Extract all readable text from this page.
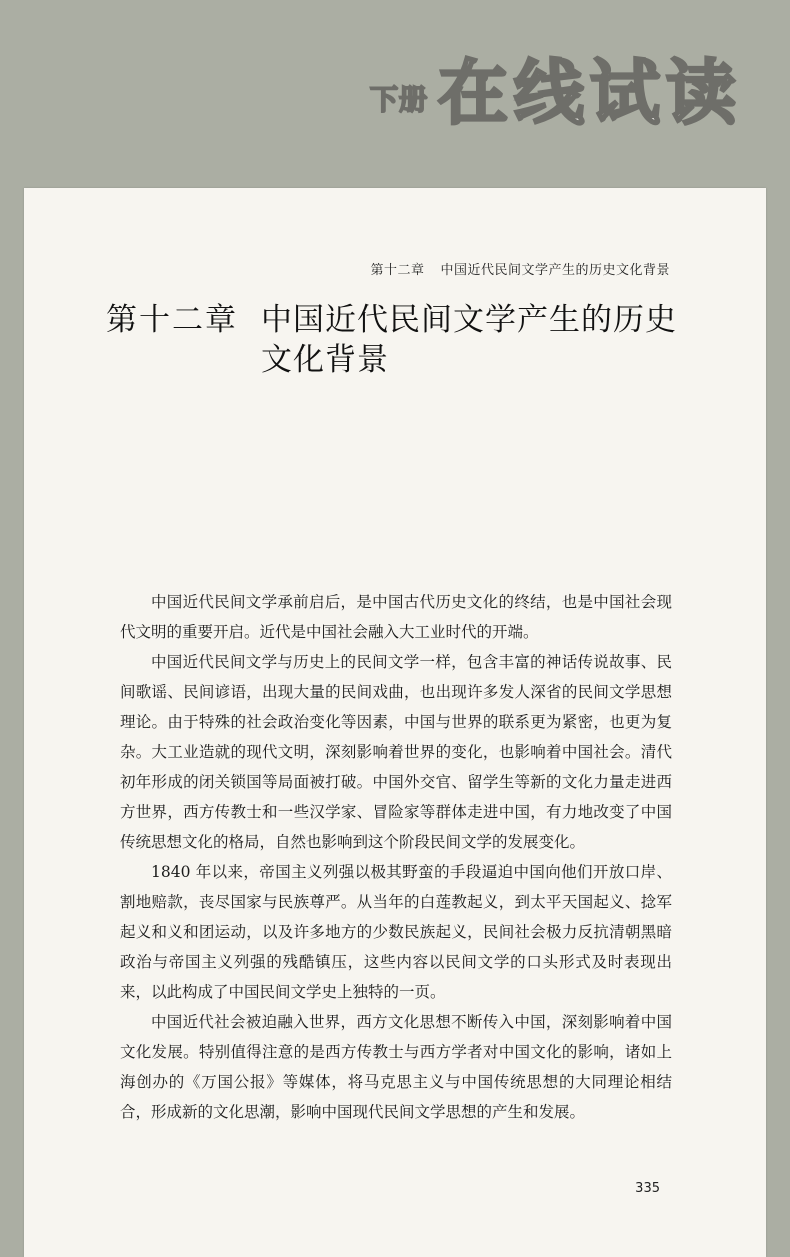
下册 在线试读
第十二章 中国近代民间文学产生的历史文化背景
第十二章 中国近代民间文学产生的历史文化背景

中国近代民间文学承前启后，是中国古代历史文化的终结，也是中国社会现代文明的重要开启。近代是中国社会融入大工业时代的开端。

中国近代民间文学与历史上的民间文学一样，包含丰富的神话传说故事、民间歌谣、民间谚语，出现大量的民间戏曲，也出现许多发人深省的民间文学思想理论。由于特殊的社会政治变化等因素，中国与世界的联系更为紧密，也更为复杂。大工业造就的现代文明，深刻影响着世界的变化，也影响着中国社会。清代初年形成的闭关锁国等局面被打破。中国外交官、留学生等新的文化力量走进西方世界，西方传教士和一些汉学家、冒险家等群体走进中国，有力地改变了中国传统思想文化的格局，自然也影响到这个阶段民间文学的发展变化。

1840 年以来，帝国主义列强以极其野蛮的手段逼迫中国向他们开放口岸、割地赔款，丧尽国家与民族尊严。从当年的白莲教起义，到太平天国起义、捻军起义和义和团运动，以及许多地方的少数民族起义，民间社会极力反抗清朝黑暗政治与帝国主义列强的残酷镇压，这些内容以民间文学的口头形式及时表现出来，以此构成了中国民间文学史上独特的一页。

中国近代社会被迫融入世界，西方文化思想不断传入中国，深刻影响着中国文化发展。特别值得注意的是西方传教士与西方学者对中国文化的影响，诸如上海创办的《万国公报》等媒体，将马克思主义与中国传统思想的大同理论相结合，形成新的文化思潮，影响中国现代民间文学思想的产生和发展。

335
